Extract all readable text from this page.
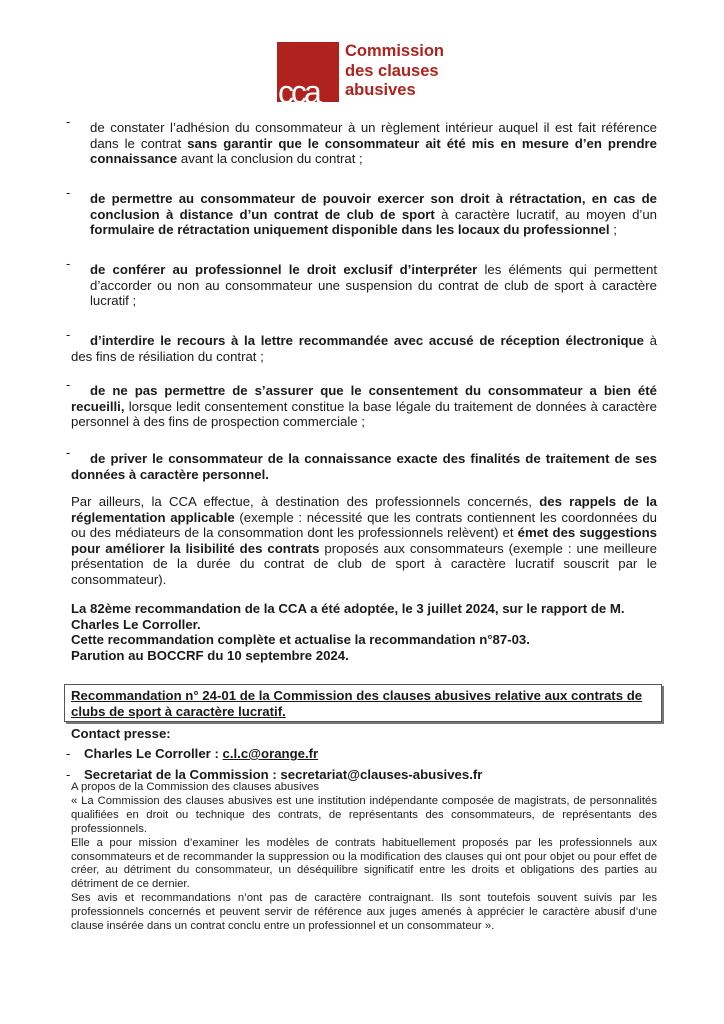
cca
Commission
des clauses
abusives
- de constater l’adhésion du consommateur à un règlement intérieur auquel il est fait référence dans le contrat sans garantir que le consommateur ait été mis en mesure d’en prendre connaissance avant la conclusion du contrat ;
- de permettre au consommateur de pouvoir exercer son droit à rétractation, en cas de conclusion à distance d’un contrat de club de sport à caractère lucratif, au moyen d’un formulaire de rétractation uniquement disponible dans les locaux du professionnel ;
- de conférer au professionnel le droit exclusif d’interpréter les éléments qui permettent d’accorder ou non au consommateur une suspension du contrat de club de sport à caractère lucratif ;
-	d’interdire le recours à la lettre recommandée avec accusé de réception électronique à des fins de résiliation du contrat ;
-	de ne pas permettre de s’assurer que le consentement du consommateur a bien été recueilli, lorsque ledit consentement constitue la base légale du traitement de données à caractère personnel à des fins de prospection commerciale ;
-	de priver le consommateur de la connaissance exacte des finalités de traitement de ses données à caractère personnel.
Par ailleurs, la CCA effectue, à destination des professionnels concernés, des rappels de la réglementation applicable (exemple : nécessité que les contrats contiennent les coordonnées du ou des médiateurs de la consommation dont les professionnels relèvent) et émet des suggestions pour améliorer la lisibilité des contrats proposés aux consommateurs (exemple : une meilleure présentation de la durée du contrat de club de sport à caractère lucratif souscrit par le consommateur).
La 82ème recommandation de la CCA a été adoptée, le 3 juillet 2024, sur le rapport de M.
Charles Le Corroller.
Cette recommandation complète et actualise la recommandation n°87-03.
Parution au BOCCRF du 10 septembre 2024.
Recommandation n° 24-01 de la Commission des clauses abusives relative aux contrats de clubs de sport à caractère lucratif.
Contact presse:
- Charles Le Corroller : c.l.c@orange.fr
- Secretariat de la Commission : secretariat@clauses-abusives.fr
A propos de la Commission des clauses abusives
« La Commission des clauses abusives est une institution indépendante composée de magistrats, de personnalités qualifiées en droit ou technique des contrats, de représentants des consommateurs, de représentants des professionnels.
Elle a pour mission d’examiner les modèles de contrats habituellement proposés par les professionnels aux consommateurs et de recommander la suppression ou la modification des clauses qui ont pour objet ou pour effet de créer, au détriment du consommateur, un déséquilibre significatif entre les droits et obligations des parties au détriment de ce dernier.
Ses avis et recommandations n’ont pas de caractère contraignant. Ils sont toutefois souvent suivis par les professionnels concernés et peuvent servir de référence aux juges amenés à apprécier le caractère abusif d’une clause insérée dans un contrat conclu entre un professionnel et un consommateur ».
